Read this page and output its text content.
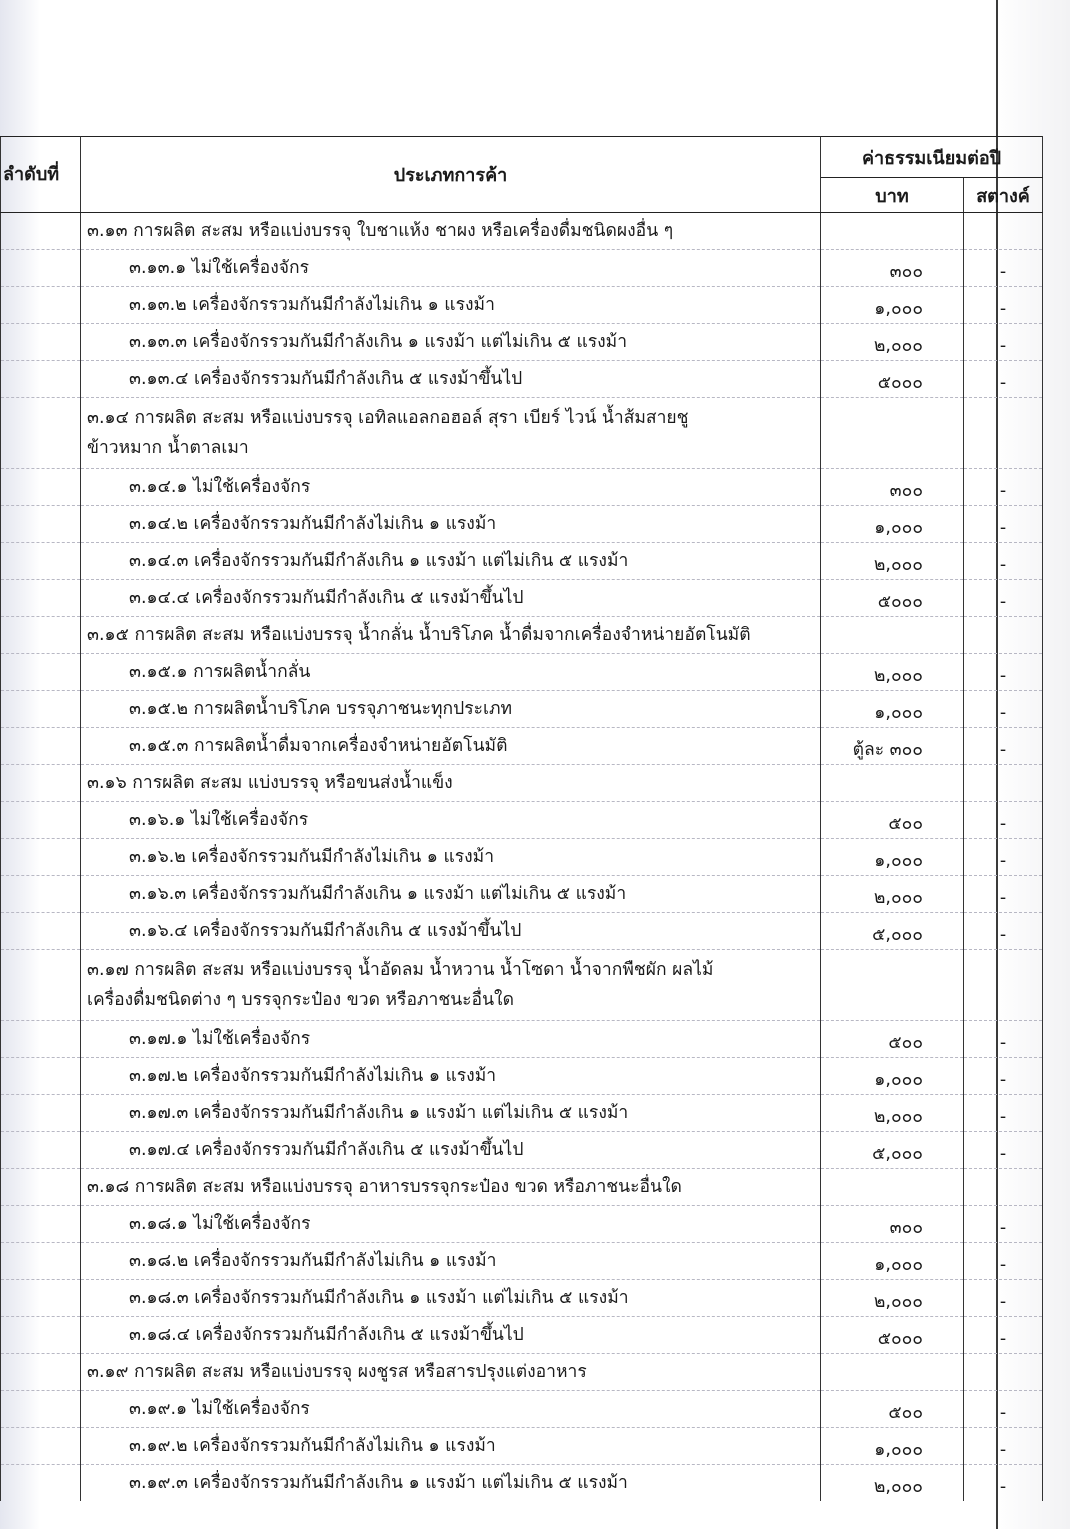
ลำดับที่	ประเภทการค้า	ค่าธรรมเนียมต่อปี	
		บาท	สตางค์
	๓.๑๓ การผลิต สะสม หรือแบ่งบรรจุ ใบชาแห้ง ชาผง หรือเครื่องดื่มชนิดผงอื่น ๆ		
	๓.๑๓.๑ ไม่ใช้เครื่องจักร	๓๐๐	-
	๓.๑๓.๒ เครื่องจักรรวมกันมีกำลังไม่เกิน ๑ แรงม้า	๑,๐๐๐	-
	๓.๑๓.๓ เครื่องจักรรวมกันมีกำลังเกิน ๑ แรงม้า แต่ไม่เกิน ๕ แรงม้า	๒,๐๐๐	-
	๓.๑๓.๔ เครื่องจักรรวมกันมีกำลังเกิน ๕ แรงม้าขึ้นไป	๕๐๐๐	-
	๓.๑๔ การผลิต สะสม หรือแบ่งบรรจุ เอทิลแอลกอฮอล์ สุรา เบียร์ ไวน์ น้ำส้มสายชู
ข้าวหมาก น้ำตาลเมา		
	๓.๑๔.๑ ไม่ใช้เครื่องจักร	๓๐๐	-
	๓.๑๔.๒ เครื่องจักรรวมกันมีกำลังไม่เกิน ๑ แรงม้า	๑,๐๐๐	-
	๓.๑๔.๓ เครื่องจักรรวมกันมีกำลังเกิน ๑ แรงม้า แต่ไม่เกิน ๕ แรงม้า	๒,๐๐๐	-
	๓.๑๔.๔ เครื่องจักรรวมกันมีกำลังเกิน ๕ แรงม้าขึ้นไป	๕๐๐๐	-
	๓.๑๕ การผลิต สะสม หรือแบ่งบรรจุ น้ำกลั่น น้ำบริโภค น้ำดื่มจากเครื่องจำหน่ายอัตโนมัติ		
	๓.๑๕.๑ การผลิตน้ำกลั่น	๒,๐๐๐	-
	๓.๑๕.๒ การผลิตน้ำบริโภค บรรจุภาชนะทุกประเภท	๑,๐๐๐	-
	๓.๑๕.๓ การผลิตน้ำดื่มจากเครื่องจำหน่ายอัตโนมัติ	ตู้ละ ๓๐๐	-
	๓.๑๖ การผลิต สะสม แบ่งบรรจุ หรือขนส่งน้ำแข็ง		
	๓.๑๖.๑ ไม่ใช้เครื่องจักร	๕๐๐	-
	๓.๑๖.๒ เครื่องจักรรวมกันมีกำลังไม่เกิน ๑ แรงม้า	๑,๐๐๐	-
	๓.๑๖.๓ เครื่องจักรรวมกันมีกำลังเกิน ๑ แรงม้า แต่ไม่เกิน ๕ แรงม้า	๒,๐๐๐	-
	๓.๑๖.๔ เครื่องจักรรวมกันมีกำลังเกิน ๕ แรงม้าขึ้นไป	๕,๐๐๐	-
	๓.๑๗ การผลิต สะสม หรือแบ่งบรรจุ น้ำอัดลม น้ำหวาน น้ำโซดา น้ำจากพืชผัก ผลไม้
เครื่องดื่มชนิดต่าง ๆ บรรจุกระป๋อง ขวด หรือภาชนะอื่นใด		
	๓.๑๗.๑ ไม่ใช้เครื่องจักร	๕๐๐	-
	๓.๑๗.๒ เครื่องจักรรวมกันมีกำลังไม่เกิน ๑ แรงม้า	๑,๐๐๐	-
	๓.๑๗.๓ เครื่องจักรรวมกันมีกำลังเกิน ๑ แรงม้า แต่ไม่เกิน ๕ แรงม้า	๒,๐๐๐	-
	๓.๑๗.๔ เครื่องจักรรวมกันมีกำลังเกิน ๕ แรงม้าขึ้นไป	๕,๐๐๐	-
	๓.๑๘ การผลิต สะสม หรือแบ่งบรรจุ อาหารบรรจุกระป๋อง ขวด หรือภาชนะอื่นใด		
	๓.๑๘.๑ ไม่ใช้เครื่องจักร	๓๐๐	-
	๓.๑๘.๒ เครื่องจักรรวมกันมีกำลังไม่เกิน ๑ แรงม้า	๑,๐๐๐	-
	๓.๑๘.๓ เครื่องจักรรวมกันมีกำลังเกิน ๑ แรงม้า แต่ไม่เกิน ๕ แรงม้า	๒,๐๐๐	-
	๓.๑๘.๔ เครื่องจักรรวมกันมีกำลังเกิน ๕ แรงม้าขึ้นไป	๕๐๐๐	-
	๓.๑๙ การผลิต สะสม หรือแบ่งบรรจุ ผงชูรส หรือสารปรุงแต่งอาหาร		
	๓.๑๙.๑ ไม่ใช้เครื่องจักร	๕๐๐	-
	๓.๑๙.๒ เครื่องจักรรวมกันมีกำลังไม่เกิน ๑ แรงม้า	๑,๐๐๐	-
	๓.๑๙.๓ เครื่องจักรรวมกันมีกำลังเกิน ๑ แรงม้า แต่ไม่เกิน ๕ แรงม้า	๒,๐๐๐	-
